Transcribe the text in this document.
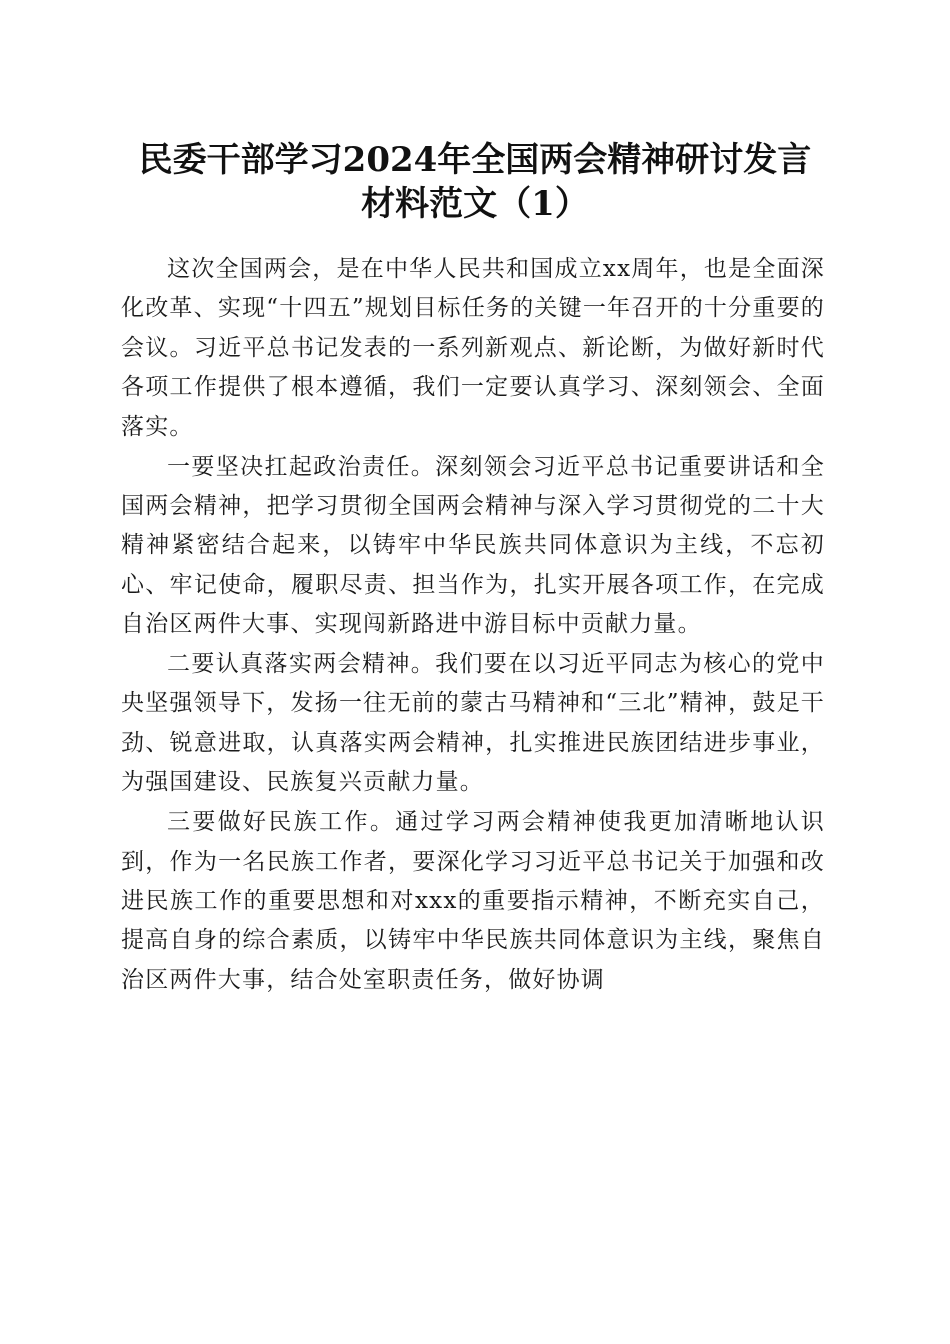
民委干部学习2024年全国两会精神研讨发言
材料范文（1）

这次全国两会，是在中华人民共和国成立xx周年，也是全面深化改革、实现“十四五”规划目标任务的关键一年召开的十分重要的会议。习近平总书记发表的一系列新观点、新论断，为做好新时代各项工作提供了根本遵循，我们一定要认真学习、深刻领会、全面落实。

一要坚决扛起政治责任。深刻领会习近平总书记重要讲话和全国两会精神，把学习贯彻全国两会精神与深入学习贯彻党的二十大精神紧密结合起来，以铸牢中华民族共同体意识为主线，不忘初心、牢记使命，履职尽责、担当作为，扎实开展各项工作，在完成自治区两件大事、实现闯新路进中游目标中贡献力量。

二要认真落实两会精神。我们要在以习近平同志为核心的党中央坚强领导下，发扬一往无前的蒙古马精神和“三北”精神，鼓足干劲、锐意进取，认真落实两会精神，扎实推进民族团结进步事业，为强国建设、民族复兴贡献力量。

三要做好民族工作。通过学习两会精神使我更加清晰地认识到，作为一名民族工作者，要深化学习习近平总书记关于加强和改进民族工作的重要思想和对xxx的重要指示精神，不断充实自己，提高自身的综合素质，以铸牢中华民族共同体意识为主线，聚焦自治区两件大事，结合处室职责任务，做好协调
